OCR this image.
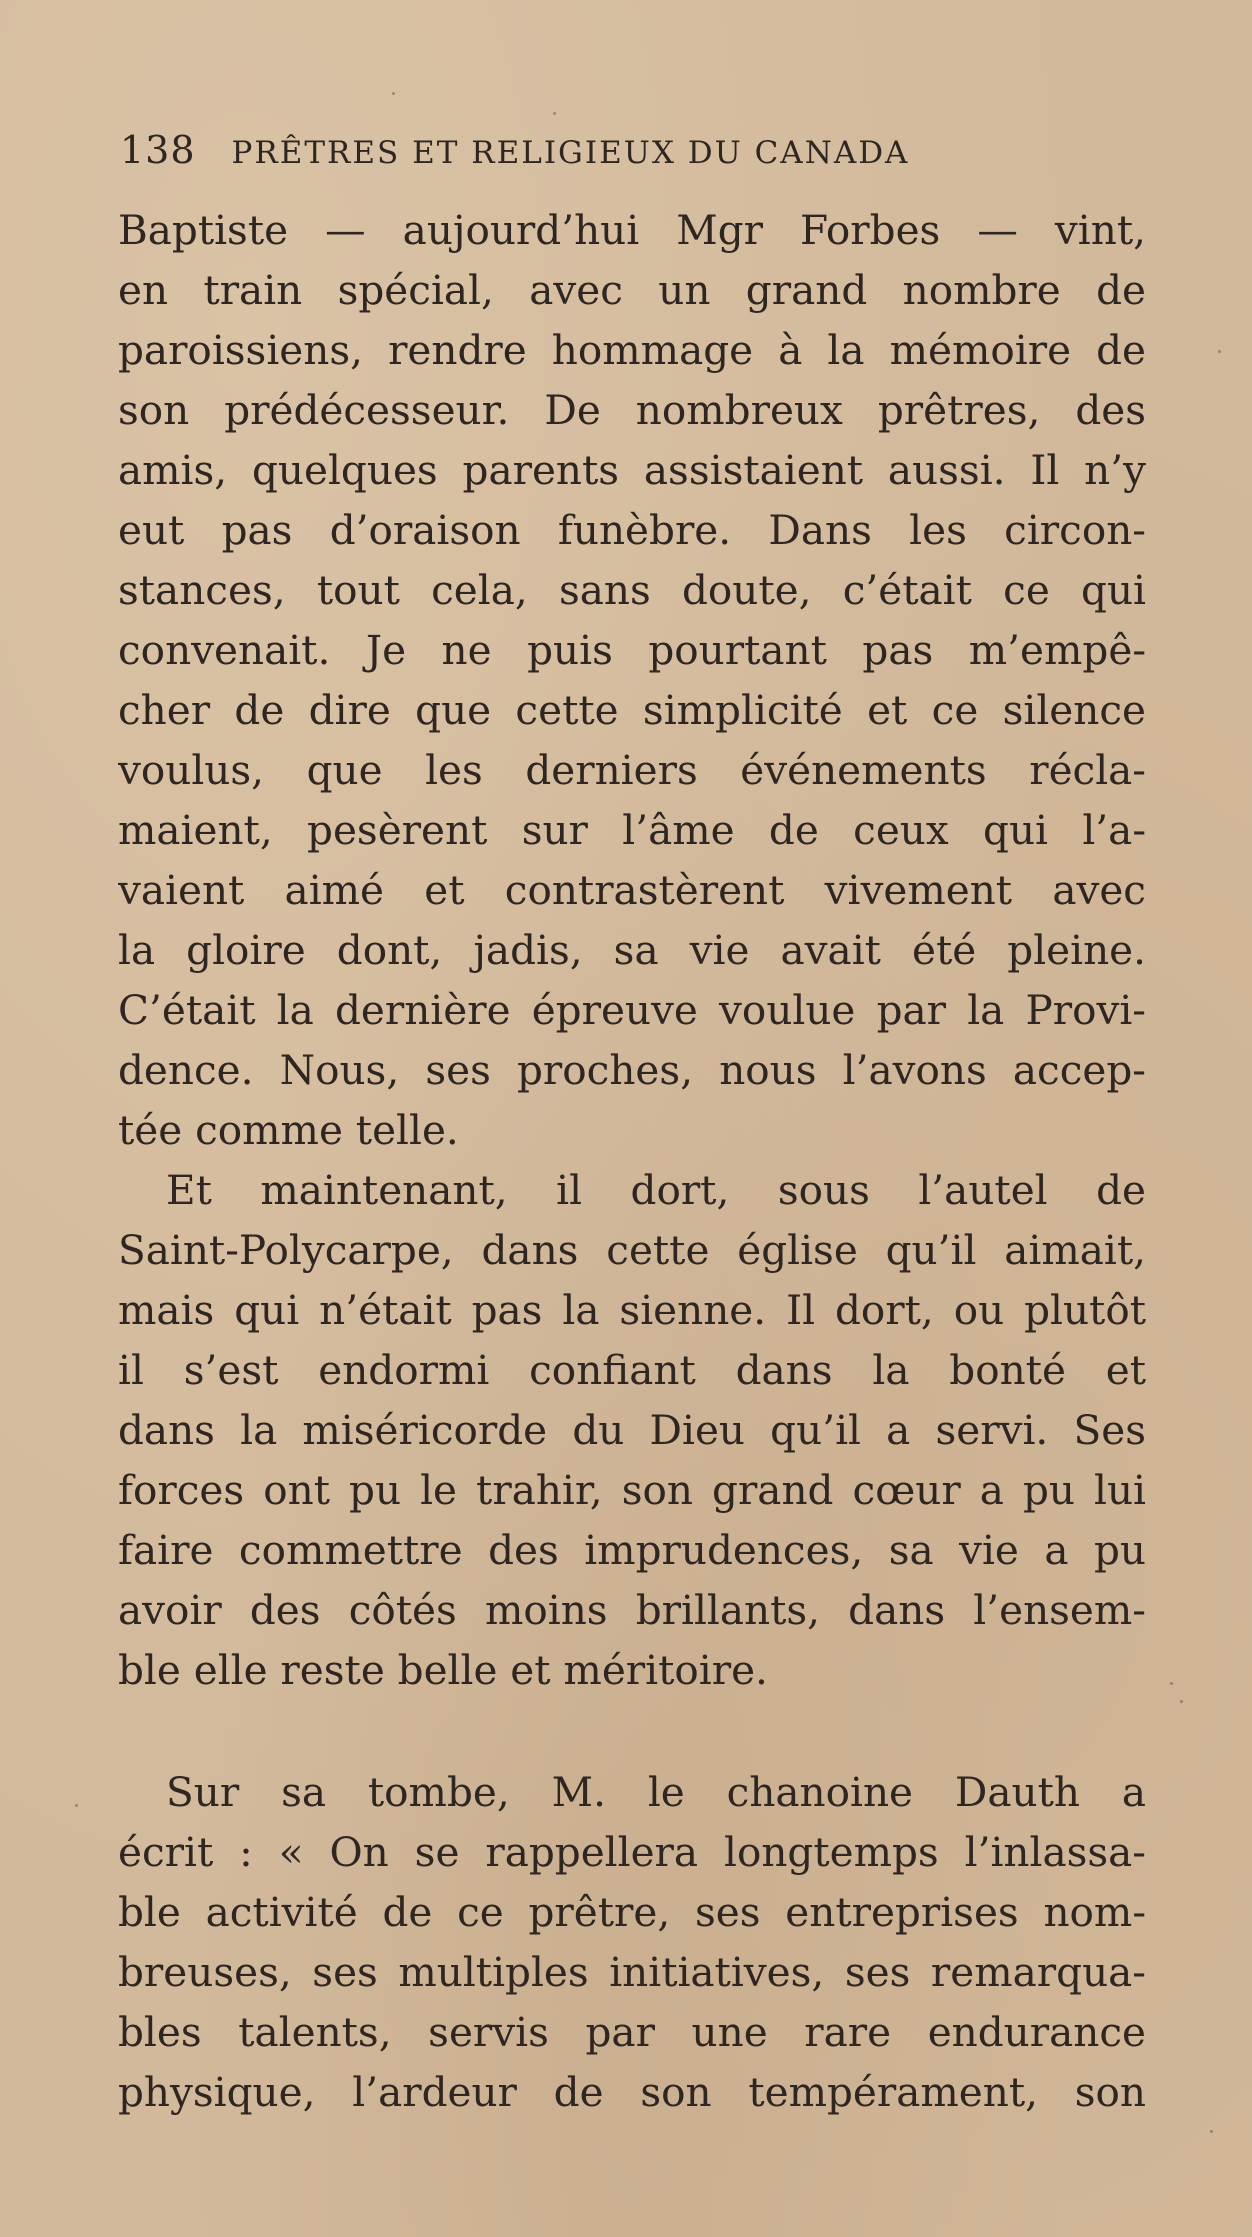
138 PRÊTRES ET RELIGIEUX DU CANADA
Baptiste — aujourd’hui Mgr Forbes — vint,
en train spécial, avec un grand nombre de
paroissiens, rendre hommage à la mémoire de
son prédécesseur. De nombreux prêtres, des
amis, quelques parents assistaient aussi. Il n’y
eut pas d’oraison funèbre. Dans les circon-
stances, tout cela, sans doute, c’était ce qui
convenait. Je ne puis pourtant pas m’empê-
cher de dire que cette simplicité et ce silence
voulus, que les derniers événements récla-
maient, pesèrent sur l’âme de ceux qui l’a-
vaient aimé et contrastèrent vivement avec
la gloire dont, jadis, sa vie avait été pleine.
C’était la dernière épreuve voulue par la Provi-
dence. Nous, ses proches, nous l’avons accep-
tée comme telle.
Et maintenant, il dort, sous l’autel de
Saint-Polycarpe, dans cette église qu’il aimait,
mais qui n’était pas la sienne. Il dort, ou plutôt
il s’est endormi confiant dans la bonté et
dans la miséricorde du Dieu qu’il a servi. Ses
forces ont pu le trahir, son grand cœur a pu lui
faire commettre des imprudences, sa vie a pu
avoir des côtés moins brillants, dans l’ensem-
ble elle reste belle et méritoire.
Sur sa tombe, M. le chanoine Dauth a
écrit : « On se rappellera longtemps l’inlassa-
ble activité de ce prêtre, ses entreprises nom-
breuses, ses multiples initiatives, ses remarqua-
bles talents, servis par une rare endurance
physique, l’ardeur de son tempérament, son
